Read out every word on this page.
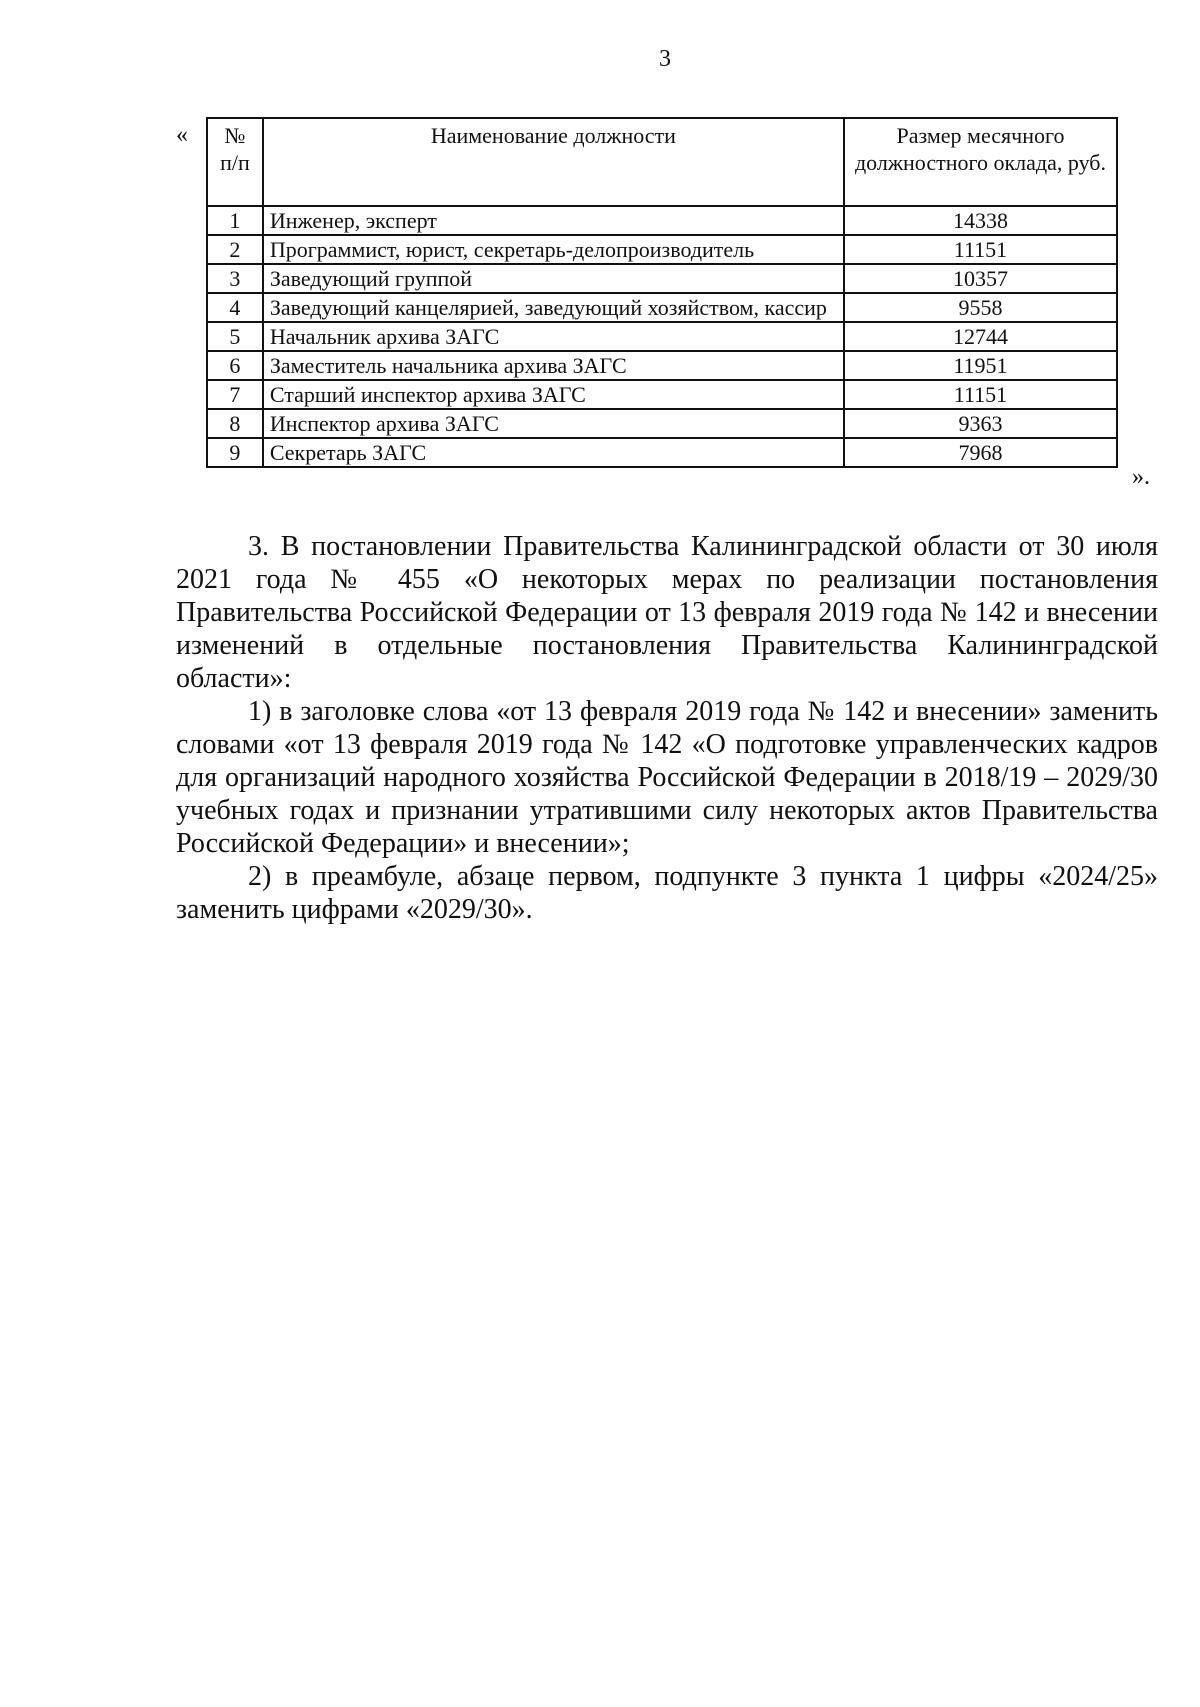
3
« № п/п	Наименование должности	Размер месячного должностного оклада, руб.
1	Инженер, эксперт	14338
2	Программист, юрист, секретарь-делопроизводитель	11151
3	Заведующий группой	10357
4	Заведующий канцелярией, заведующий хозяйством, кассир	9558
5	Начальник архива ЗАГС	12744
6	Заместитель начальника архива ЗАГС	11951
7	Старший инспектор архива ЗАГС	11151
8	Инспектор архива ЗАГС	9363
9	Секретарь ЗАГС	7968
».

3. В постановлении Правительства Калининградской области от 30 июля 2021 года № 455 «О некоторых мерах по реализации постановления Правительства Российской Федерации от 13 февраля 2019 года № 142 и внесении изменений в отдельные постановления Правительства Калининградской области»:

1) в заголовке слова «от 13 февраля 2019 года № 142 и внесении» заменить словами «от 13 февраля 2019 года № 142 «О подготовке управленческих кадров для организаций народного хозяйства Российской Федерации в 2018/19 – 2029/30 учебных годах и признании утратившими силу некоторых актов Правительства Российской Федерации» и внесении»;

2) в преамбуле, абзаце первом, подпункте 3 пункта 1 цифры «2024/25» заменить цифрами «2029/30».
